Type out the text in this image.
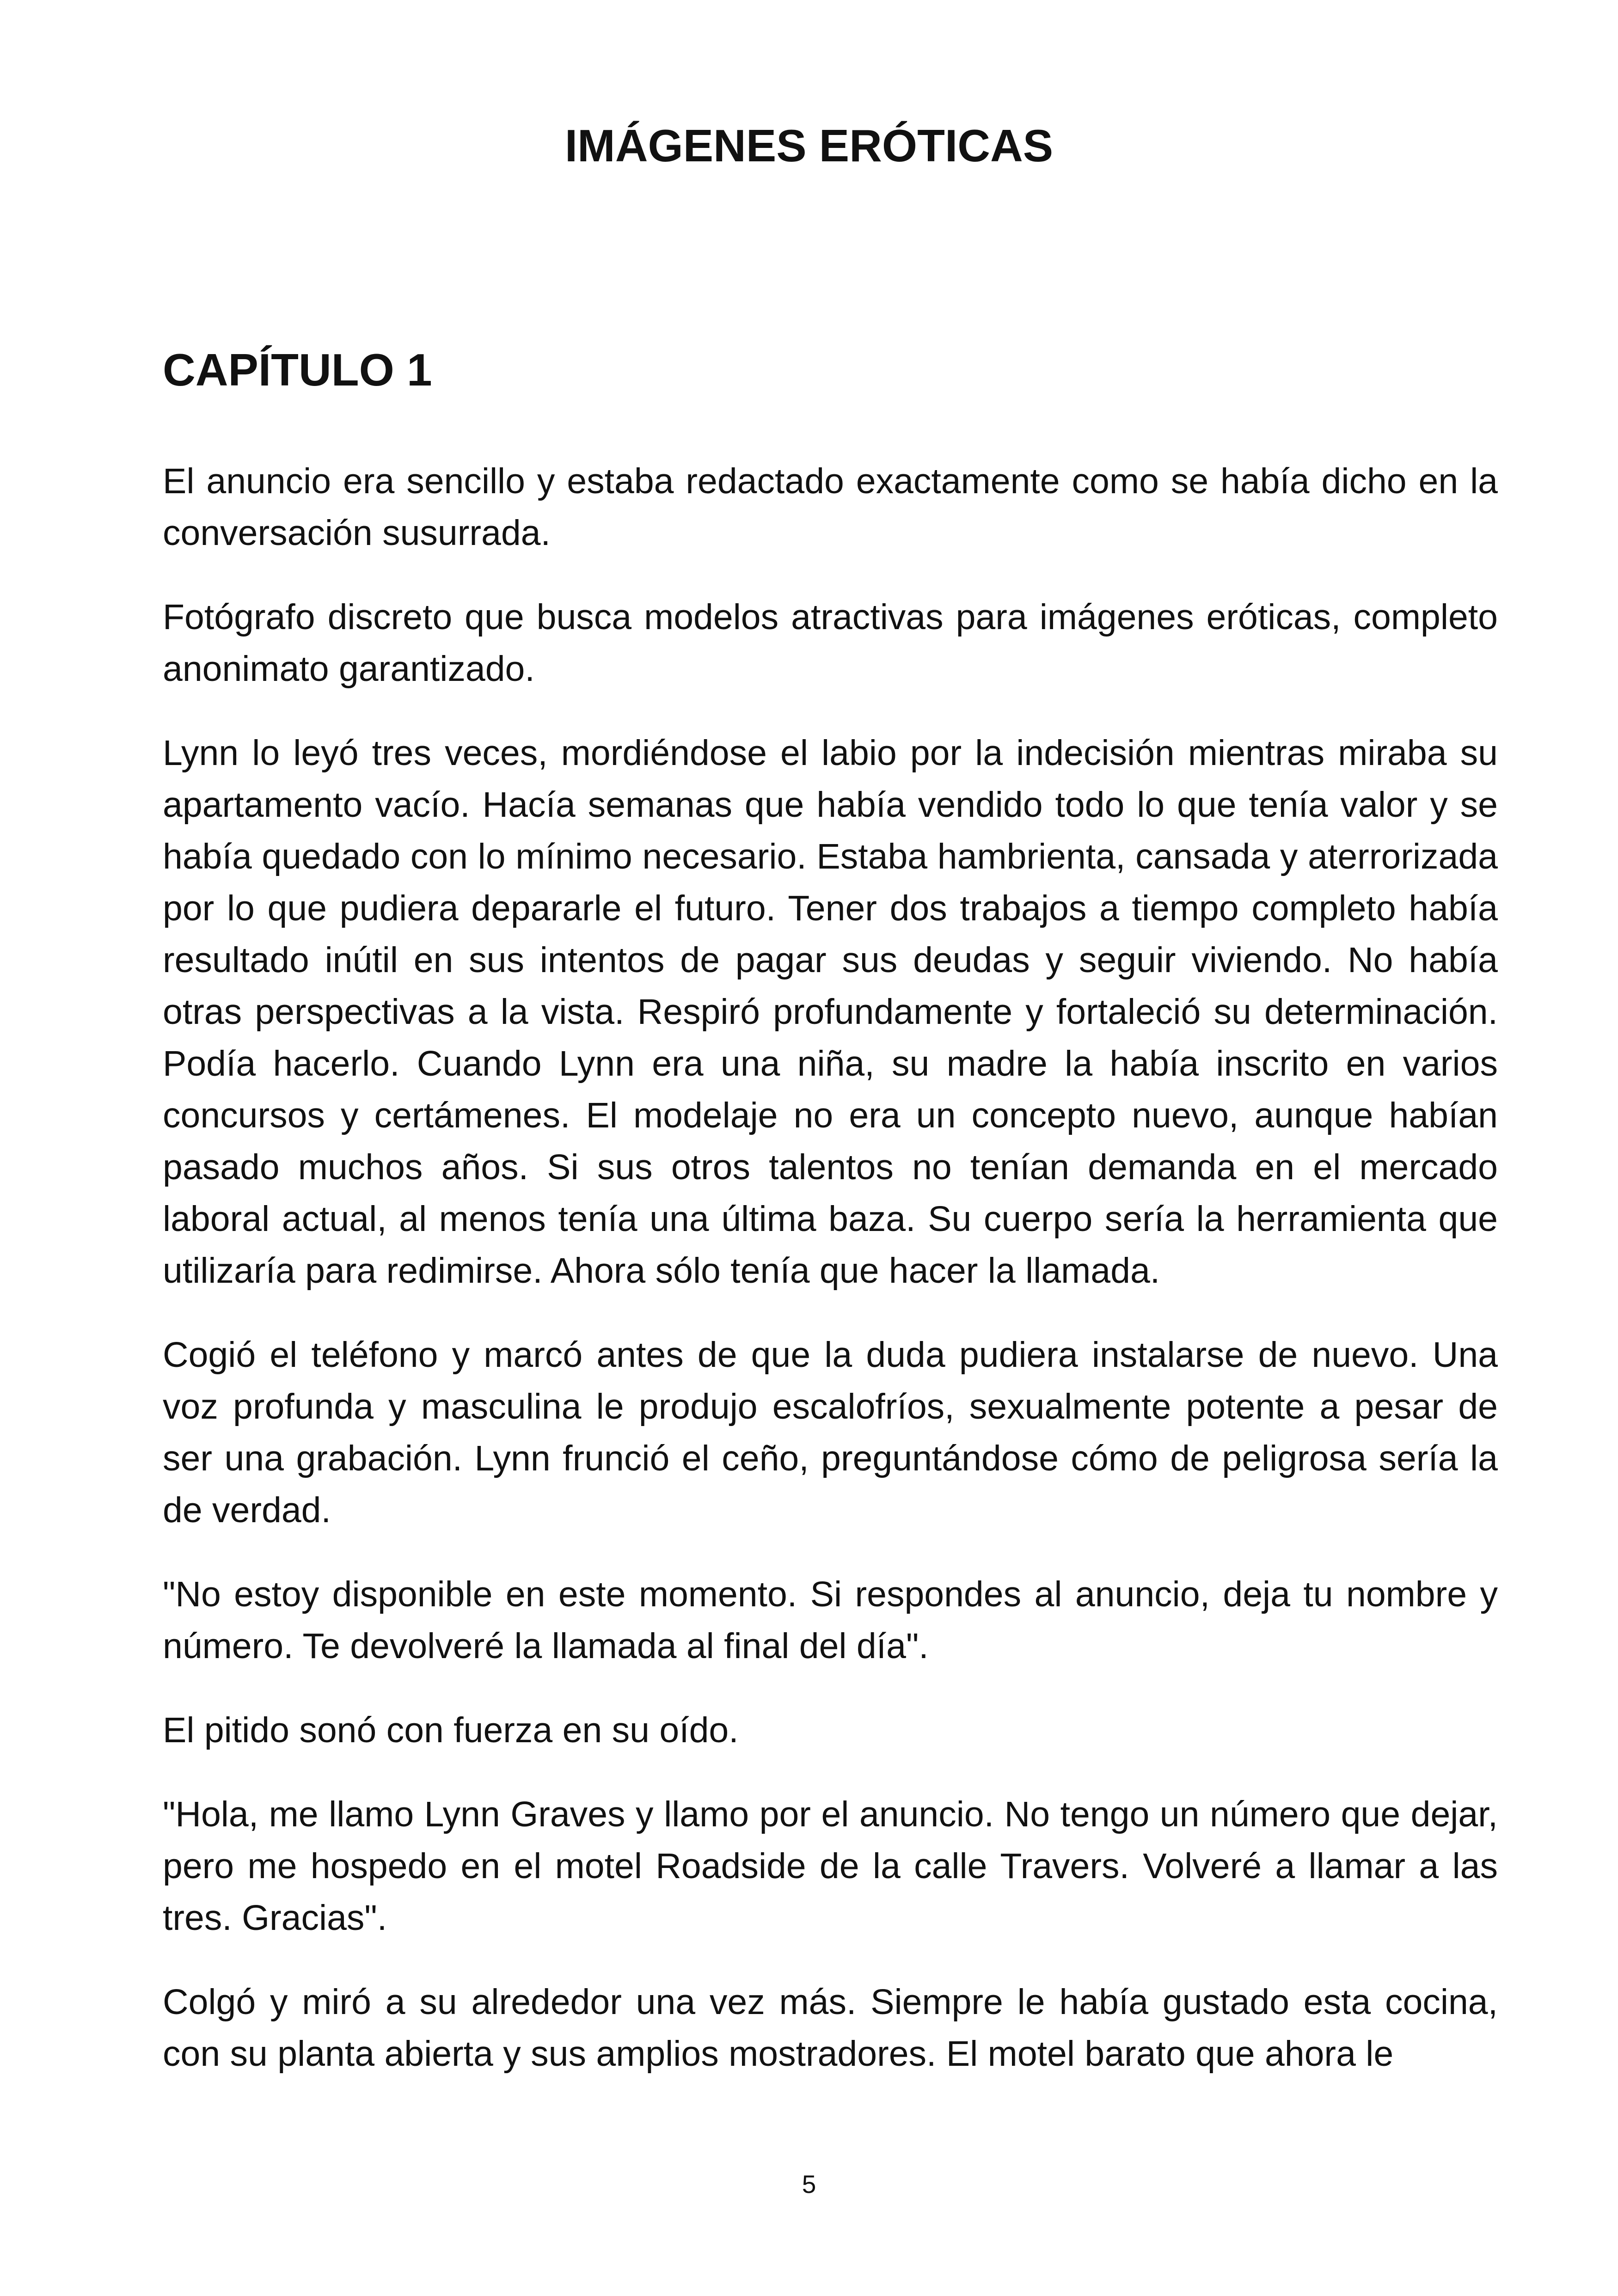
IMÁGENES ERÓTICAS
CAPÍTULO 1

El anuncio era sencillo y estaba redactado exactamente como se había dicho en la conversación susurrada.

Fotógrafo discreto que busca modelos atractivas para imágenes eróticas, completo anonimato garantizado.

Lynn lo leyó tres veces, mordiéndose el labio por la indecisión mientras miraba su apartamento vacío. Hacía semanas que había vendido todo lo que tenía valor y se había quedado con lo mínimo necesario. Estaba hambrienta, cansada y aterrorizada por lo que pudiera depararle el futuro. Tener dos trabajos a tiempo completo había resultado inútil en sus intentos de pagar sus deudas y seguir viviendo. No había otras perspectivas a la vista. Respiró profundamente y fortaleció su determinación. Podía hacerlo. Cuando Lynn era una niña, su madre la había inscrito en varios concursos y certámenes. El modelaje no era un concepto nuevo, aunque habían pasado muchos años. Si sus otros talentos no tenían demanda en el mercado laboral actual, al menos tenía una última baza. Su cuerpo sería la herramienta que utilizaría para redimirse. Ahora sólo tenía que hacer la llamada.

Cogió el teléfono y marcó antes de que la duda pudiera instalarse de nuevo. Una voz profunda y masculina le produjo escalofríos, sexualmente potente a pesar de ser una grabación. Lynn frunció el ceño, preguntándose cómo de peligrosa sería la de verdad.

"No estoy disponible en este momento. Si respondes al anuncio, deja tu nombre y número. Te devolveré la llamada al final del día".

El pitido sonó con fuerza en su oído.

"Hola, me llamo Lynn Graves y llamo por el anuncio. No tengo un número que dejar, pero me hospedo en el motel Roadside de la calle Travers. Volveré a llamar a las tres. Gracias".

Colgó y miró a su alrededor una vez más. Siempre le había gustado esta cocina, con su planta abierta y sus amplios mostradores. El motel barato que ahora le

5
